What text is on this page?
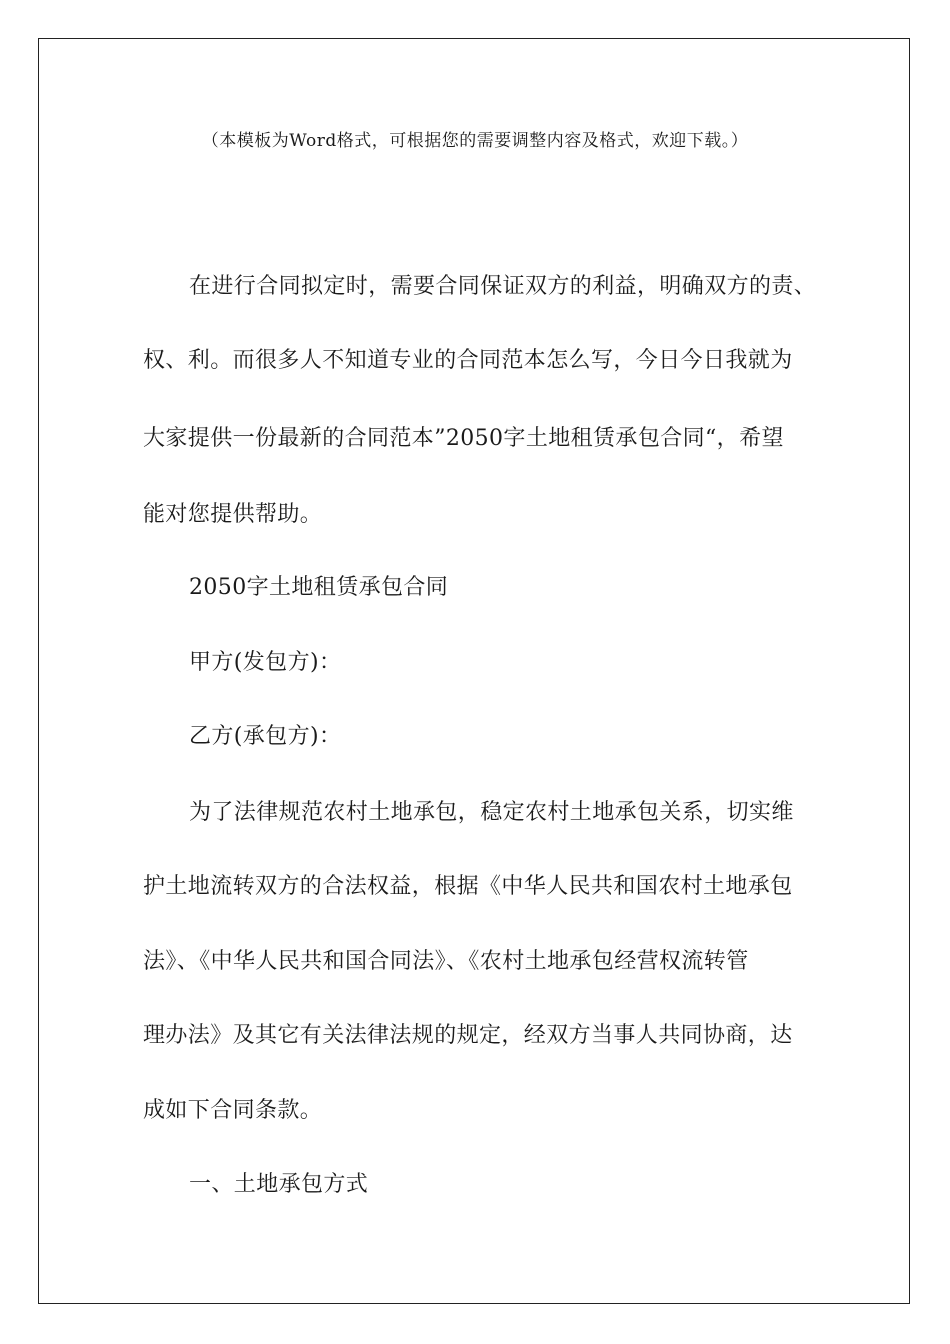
（本模板为Word格式，可根据您的需要调整内容及格式，欢迎下载。）
在进行合同拟定时，需要合同保证双方的利益，明确双方的责、
权、利。而很多人不知道专业的合同范本怎么写，今日今日我就为
大家提供一份最新的合同范本”2050字土地租赁承包合同“，希望
能对您提供帮助。
2050字土地租赁承包合同
甲方(发包方)：
乙方(承包方)：
为了法律规范农村土地承包，稳定农村土地承包关系，切实维
护土地流转双方的合法权益，根据《中华人民共和国农村土地承包
法》、《中华人民共和国合同法》、《农村土地承包经营权流转管
理办法》及其它有关法律法规的规定，经双方当事人共同协商，达
成如下合同条款。
一、土地承包方式
